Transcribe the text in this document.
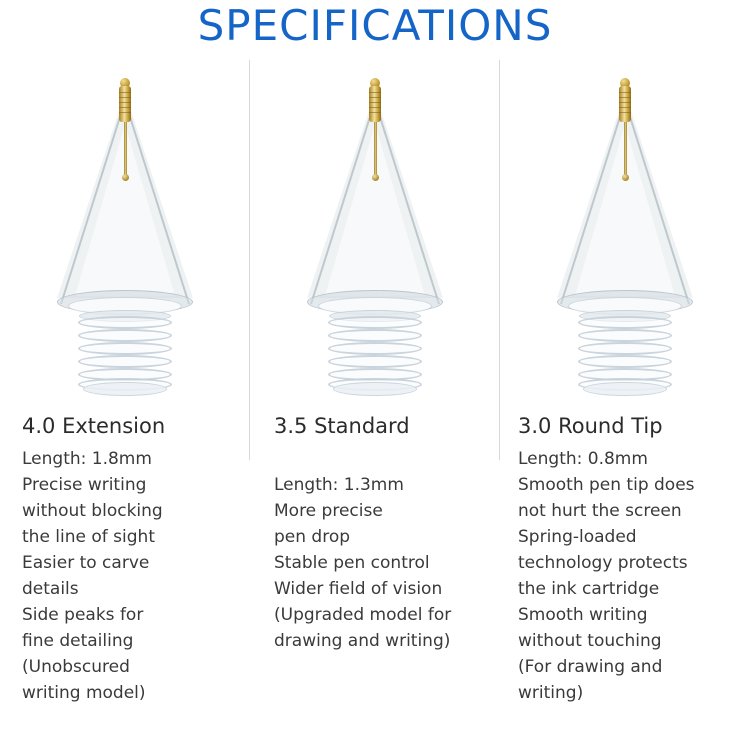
SPECIFICATIONS
4.0 Extension
Length: 1.8mm
Precise writing
without blocking
the line of sight
Easier to carve
details
Side peaks for
fine detailing
(Unobscured
writing model)
3.5 Standard
Length: 1.3mm
More precise
pen drop
Stable pen control
Wider field of vision
(Upgraded model for
drawing and writing)
3.0 Round Tip
Length: 0.8mm
Smooth pen tip does
not hurt the screen
Spring-loaded
technology protects
the ink cartridge
Smooth writing
without touching
(For drawing and
writing)
